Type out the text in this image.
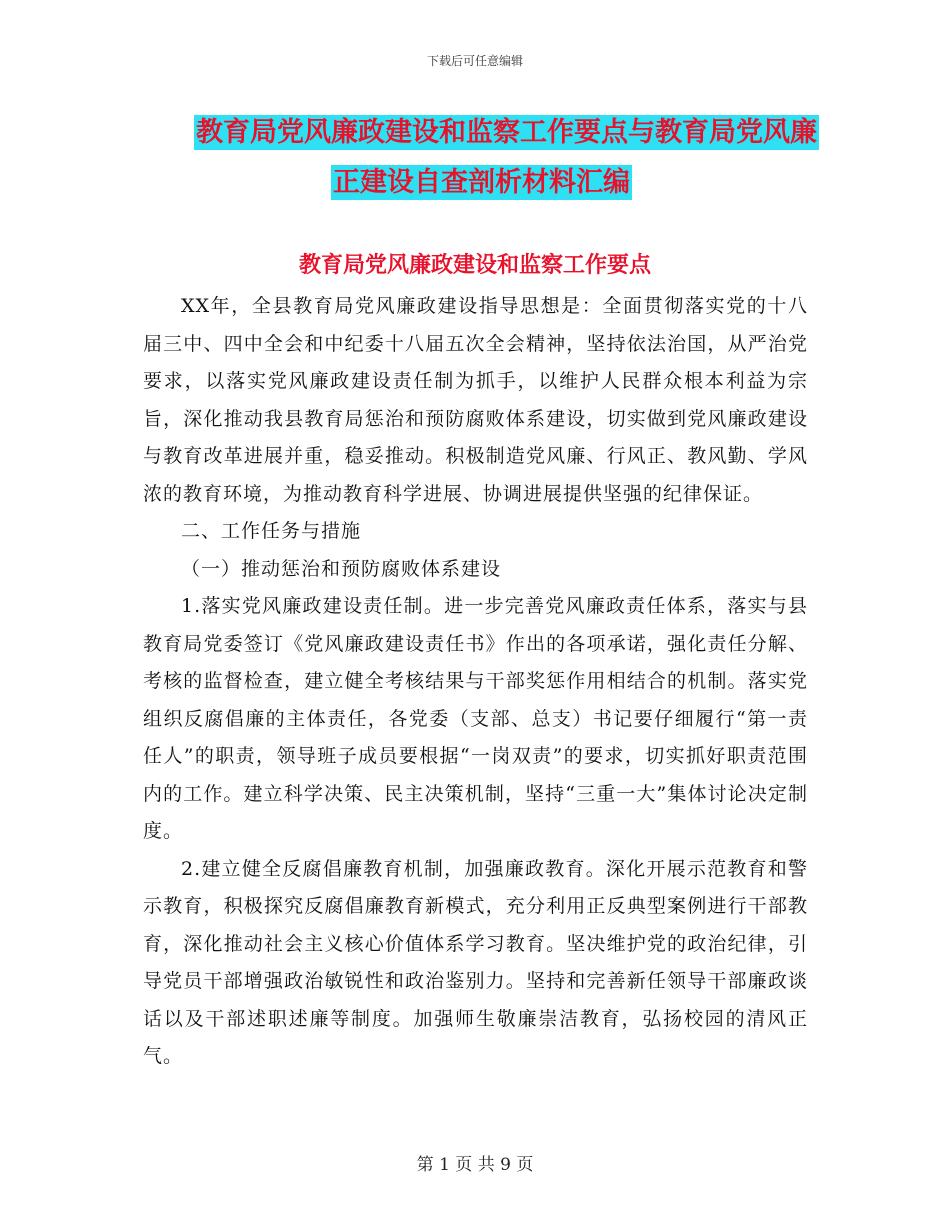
下载后可任意编辑
教育局党风廉政建设和监察工作要点与教育局党风廉
正建设自查剖析材料汇编
教育局党风廉政建设和监察工作要点

XX年，全县教育局党风廉政建设指导思想是：全面贯彻落实党的十八届三中、四中全会和中纪委十八届五次全会精神，坚持依法治国，从严治党要求，以落实党风廉政建设责任制为抓手，以维护人民群众根本利益为宗旨，深化推动我县教育局惩治和预防腐败体系建设，切实做到党风廉政建设与教育改革进展并重，稳妥推动。积极制造党风廉、行风正、教风勤、学风浓的教育环境，为推动教育科学进展、协调进展提供坚强的纪律保证。

二、工作任务与措施

（一）推动惩治和预防腐败体系建设

1.落实党风廉政建设责任制。进一步完善党风廉政责任体系，落实与县教育局党委签订《党风廉政建设责任书》作出的各项承诺，强化责任分解、考核的监督检查，建立健全考核结果与干部奖惩作用相结合的机制。落实党组织反腐倡廉的主体责任，各党委（支部、总支）书记要仔细履行“第一责任人”的职责，领导班子成员要根据“一岗双责”的要求，切实抓好职责范围内的工作。建立科学决策、民主决策机制，坚持“三重一大”集体讨论决定制度。

2.建立健全反腐倡廉教育机制，加强廉政教育。深化开展示范教育和警示教育，积极探究反腐倡廉教育新模式，充分利用正反典型案例进行干部教育，深化推动社会主义核心价值体系学习教育。坚决维护党的政治纪律，引导党员干部增强政治敏锐性和政治鉴别力。坚持和完善新任领导干部廉政谈话以及干部述职述廉等制度。加强师生敬廉崇洁教育，弘扬校园的清风正气。

第 1 页 共 9 页
